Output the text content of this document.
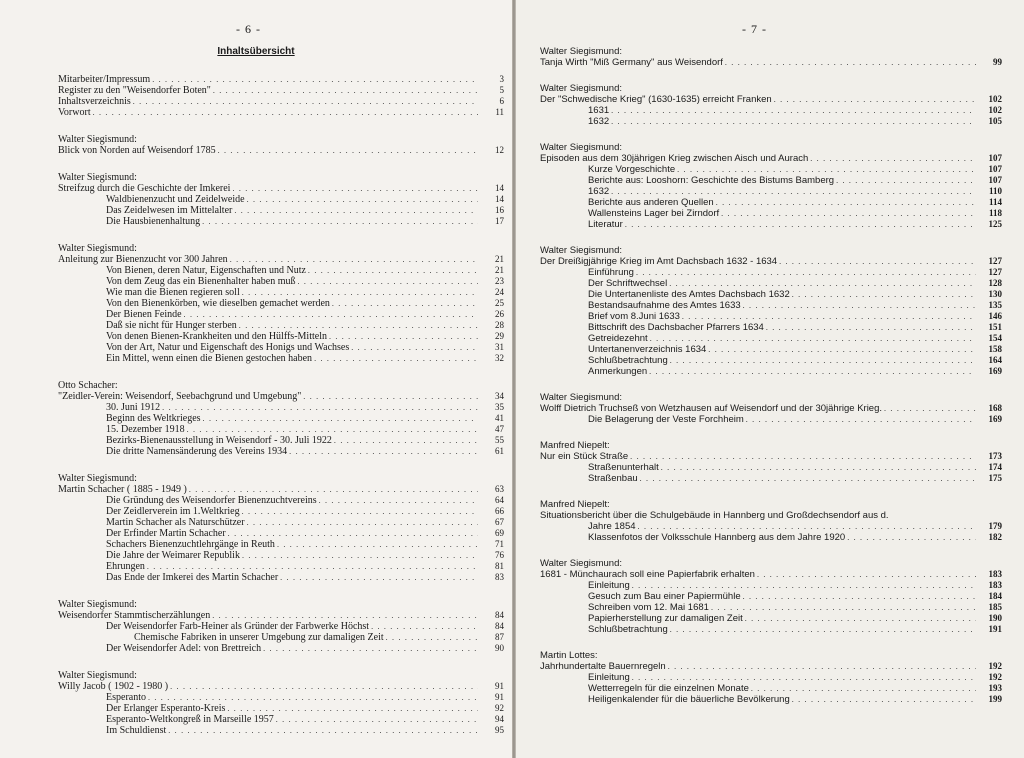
- 6 -
Inhaltsübersicht
Mitarbeiter/Impressum . . .	3
Register zu den "Weisendorfer Boten" . . .	5
Inhaltsverzeichnis . . .	6
Vorwort . . .	11
Walter Siegismund:
Blick von Norden auf Weisendorf 1785 . . .	12
Walter Siegismund:
Streifzug durch die Geschichte der Imkerei . . .	14
Waldbienenzucht und Zeidelweide . . .	14
Das Zeidelwesen im Mittelalter . . .	16
Die Hausbienenhaltung . . .	17
Walter Siegismund:
Anleitung zur Bienenzucht vor 300 Jahren . . .	21
Von Bienen, deren Natur, Eigenschaften und Nutz . . .	21
Von dem Zeug das ein Bienenhalter haben muß . . .	23
Wie man die Bienen regieren soll . . .	24
Von den Bienenkörben, wie dieselben gemachet werden . . .	25
Der Bienen Feinde . . .	26
Daß sie nicht für Hunger sterben . . .	28
Von denen Bienen-Krankheiten und den Hülffs-Mitteln . . .	29
Von der Art, Natur und Eigenschaft des Honigs und Wachses . . .	31
Ein Mittel, wenn einen die Bienen gestochen haben . . .	32
Otto Schacher:
"Zeidler-Verein: Weisendorf, Seebachgrund und Umgebung" . . .	34
30. Juni 1912 . . .	35
Beginn des Weltkrieges . . .	41
15. Dezember 1918 . . .	47
Bezirks-Bienenausstellung in Weisendorf - 30. Juli 1922 . . .	55
Die dritte Namensänderung des Vereins 1934 . . .	61
Walter Siegismund:
Martin Schacher ( 1885 - 1949 ) . . .	63
Die Gründung des Weisendorfer Bienenzuchtvereins . . .	64
Der Zeidlerverein im 1.Weltkrieg . . .	66
Martin Schacher als Naturschützer . . .	67
Der Erfinder Martin Schacher . . .	69
Schachers Bienenzuchtlehrgänge in Reuth . . .	71
Die Jahre der Weimarer Republik . . .	76
Ehrungen . . .	81
Das Ende der Imkerei des Martin Schacher . . .	83
Walter Siegismund:
Weisendorfer Stammtischerzählungen . . .	84
Der Weisendorfer Farb-Heiner als Gründer der Farbwerke Höchst . . .	84
Chemische Fabriken in unserer Umgebung zur damaligen Zeit . . .	87
Der Weisendorfer Adel: von Brettreich . . .	90
Walter Siegismund:
Willy Jacob ( 1902 - 1980 ) . . .	91
Esperanto . . .	91
Der Erlanger Esperanto-Kreis . . .	92
Esperanto-Weltkongreß in Marseille 1957 . . .	94
Im Schuldienst . . .	95
- 7 -
Walter Siegismund:
Tanja Wirth "Miß Germany" aus Weisendorf . . .	99
Walter Siegismund:
Der "Schwedische Krieg" (1630-1635) erreicht Franken . . .	102
1631 . . .	102
1632 . . .	105
Walter Siegismund:
Episoden aus dem 30jährigen Krieg zwischen Aisch und Aurach . . .	107
Kurze Vorgeschichte . . .	107
Berichte aus: Looshorn: Geschichte des Bistums Bamberg . . .	107
1632 . . .	110
Berichte aus anderen Quellen . . .	114
Wallensteins Lager bei Zirndorf . . .	118
Literatur . . .	125
Walter Siegismund:
Der Dreißigjährige Krieg im Amt Dachsbach 1632 - 1634 . . .	127
Einführung . . .	127
Der Schriftwechsel . . .	128
Die Untertanenliste des Amtes Dachsbach 1632 . . .	130
Bestandsaufnahme des Amtes 1633 . . .	135
Brief vom 8.Juni 1633 . . .	146
Bittschrift des Dachsbacher Pfarrers 1634 . . .	151
Getreidezehnt . . .	154
Untertanenverzeichnis 1634 . . .	158
Schlußbetrachtung . . .	164
Anmerkungen . . .	169
Walter Siegismund:
Wolff Dietrich Truchseß von Wetzhausen auf Weisendorf und der 30jährige Krieg. . . .	168
Die Belagerung der Veste Forchheim . . .	169
Manfred Niepelt:
Nur ein Stück Straße . . .	173
Straßenunterhalt . . .	174
Straßenbau . . .	175
Manfred Niepelt:
Situationsbericht über die Schulgebäude in Hannberg und Großdechsendorf aus d.
Jahre 1854 . . .	179
Klassenfotos der Volksschule Hannberg aus dem Jahre 1920 . . .	182
Walter Siegismund:
1681 - Münchaurach soll eine Papierfabrik erhalten . . .	183
Einleitung . . .	183
Gesuch zum Bau einer Papiermühle . . .	184
Schreiben vom 12. Mai 1681 . . .	185
Papierherstellung zur damaligen Zeit . . .	190
Schlußbetrachtung . . .	191
Martin Lottes:
Jahrhundertalte Bauernregeln . . .	192
Einleitung . . .	192
Wetterregeln für die einzelnen Monate . . .	193
Heiligenkalender für die bäuerliche Bevölkerung . . .	199
